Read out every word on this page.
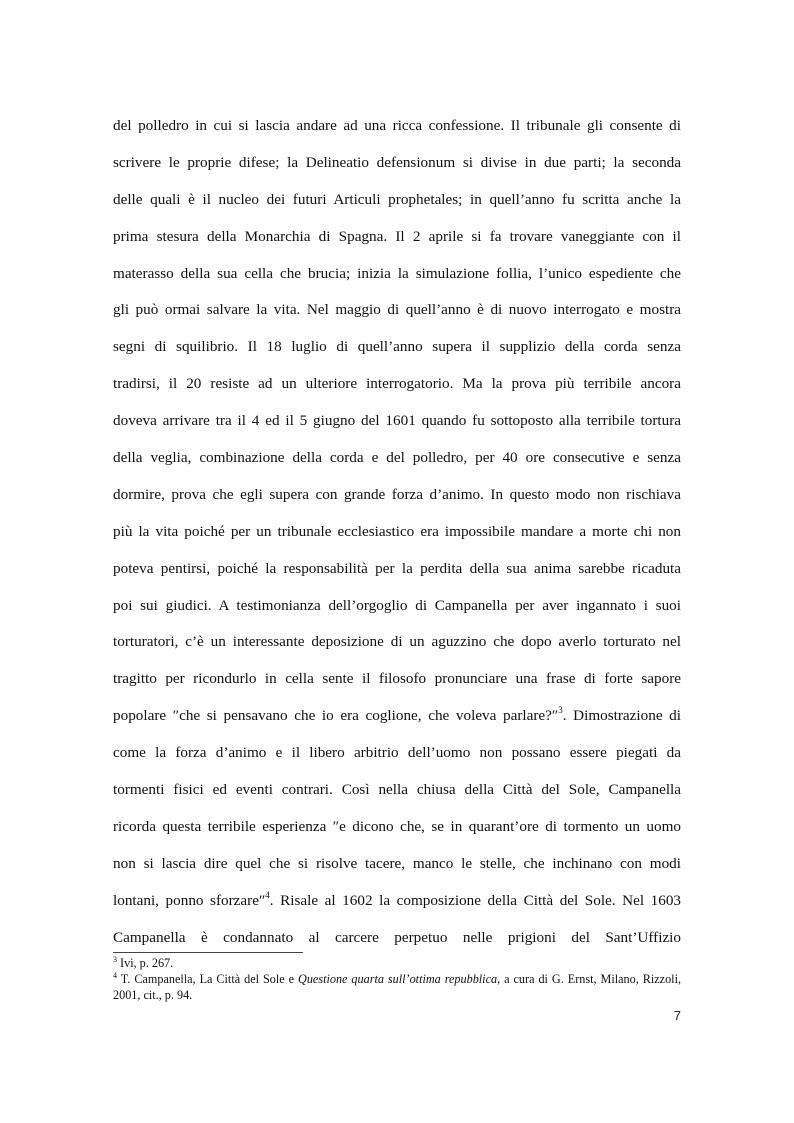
del polledro in cui si lascia andare ad una ricca confessione. Il tribunale gli consente di
scrivere le proprie difese; la Delineatio defensionum si divise in due parti; la seconda
delle quali è il nucleo dei futuri Articuli prophetales; in quell’anno fu scritta anche la
prima stesura della Monarchia di Spagna. Il 2 aprile si fa trovare vaneggiante con il
materasso della sua cella che brucia; inizia la simulazione follia, l’unico espediente che
gli può ormai salvare la vita. Nel maggio di quell’anno è di nuovo interrogato e mostra
segni di squilibrio. Il 18 luglio di quell’anno supera il supplizio della corda senza
tradirsi, il 20 resiste ad un ulteriore interrogatorio. Ma la prova più terribile ancora
doveva arrivare tra il 4 ed il 5 giugno del 1601 quando fu sottoposto alla terribile tortura
della veglia, combinazione della corda e del polledro, per 40 ore consecutive e senza
dormire, prova che egli supera con grande forza d’animo. In questo modo non rischiava
più la vita poiché per un tribunale ecclesiastico era impossibile mandare a morte chi non
poteva pentirsi, poiché la responsabilità per la perdita della sua anima sarebbe ricaduta
poi sui giudici. A testimonianza dell’orgoglio di Campanella per aver ingannato i suoi
torturatori, c’è un interessante deposizione di un aguzzino che dopo averlo torturato nel
tragitto per ricondurlo in cella sente il filosofo pronunciare una frase di forte sapore
popolare ″che si pensavano che io era coglione, che voleva parlare?″$^3$. Dimostrazione di
come la forza d’animo e il libero arbitrio dell’uomo non possano essere piegati da
tormenti fisici ed eventi contrari. Così nella chiusa della Città del Sole, Campanella
ricorda questa terribile esperienza ″e dicono che, se in quarant’ore di tormento un uomo
non si lascia dire quel che si risolve tacere, manco le stelle, che inchinano con modi
lontani, ponno sforzare″$^4$. Risale al 1602 la composizione della Città del Sole. Nel 1603
Campanella è condannato al carcere perpetuo nelle prigioni del Sant’Uffizio
$^3$ Ivi, p. 267.
$^4$ T. Campanella, La Città del Sole e Questione quarta sull’ottima repubblica, a cura di G. Ernst, Milano, Rizzoli, 2001, cit., p. 94.
7
